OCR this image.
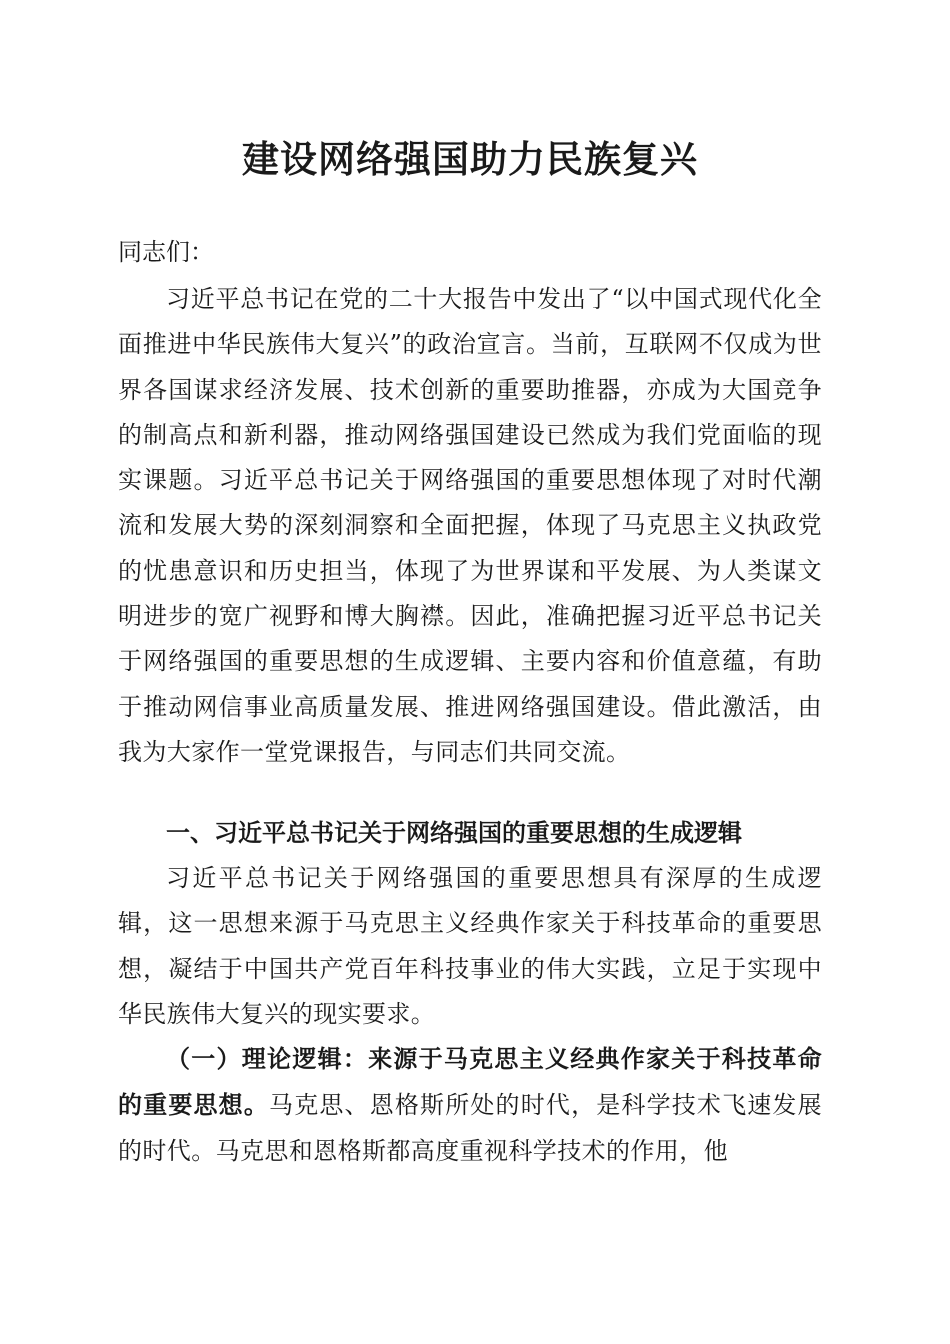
建设网络强国助力民族复兴

同志们：

习近平总书记在党的二十大报告中发出了“以中国式现代化全面推进中华民族伟大复兴”的政治宣言。当前，互联网不仅成为世界各国谋求经济发展、技术创新的重要助推器，亦成为大国竞争的制高点和新利器，推动网络强国建设已然成为我们党面临的现实课题。习近平总书记关于网络强国的重要思想体现了对时代潮流和发展大势的深刻洞察和全面把握，体现了马克思主义执政党的忧患意识和历史担当，体现了为世界谋和平发展、为人类谋文明进步的宽广视野和博大胸襟。因此，准确把握习近平总书记关于网络强国的重要思想的生成逻辑、主要内容和价值意蕴，有助于推动网信事业高质量发展、推进网络强国建设。借此激活，由我为大家作一堂党课报告，与同志们共同交流。

一、习近平总书记关于网络强国的重要思想的生成逻辑

习近平总书记关于网络强国的重要思想具有深厚的生成逻辑，这一思想来源于马克思主义经典作家关于科技革命的重要思想，凝结于中国共产党百年科技事业的伟大实践，立足于实现中华民族伟大复兴的现实要求。

（一）理论逻辑：来源于马克思主义经典作家关于科技革命的重要思想。马克思、恩格斯所处的时代，是科学技术飞速发展的时代。马克思和恩格斯都高度重视科学技术的作用，他
